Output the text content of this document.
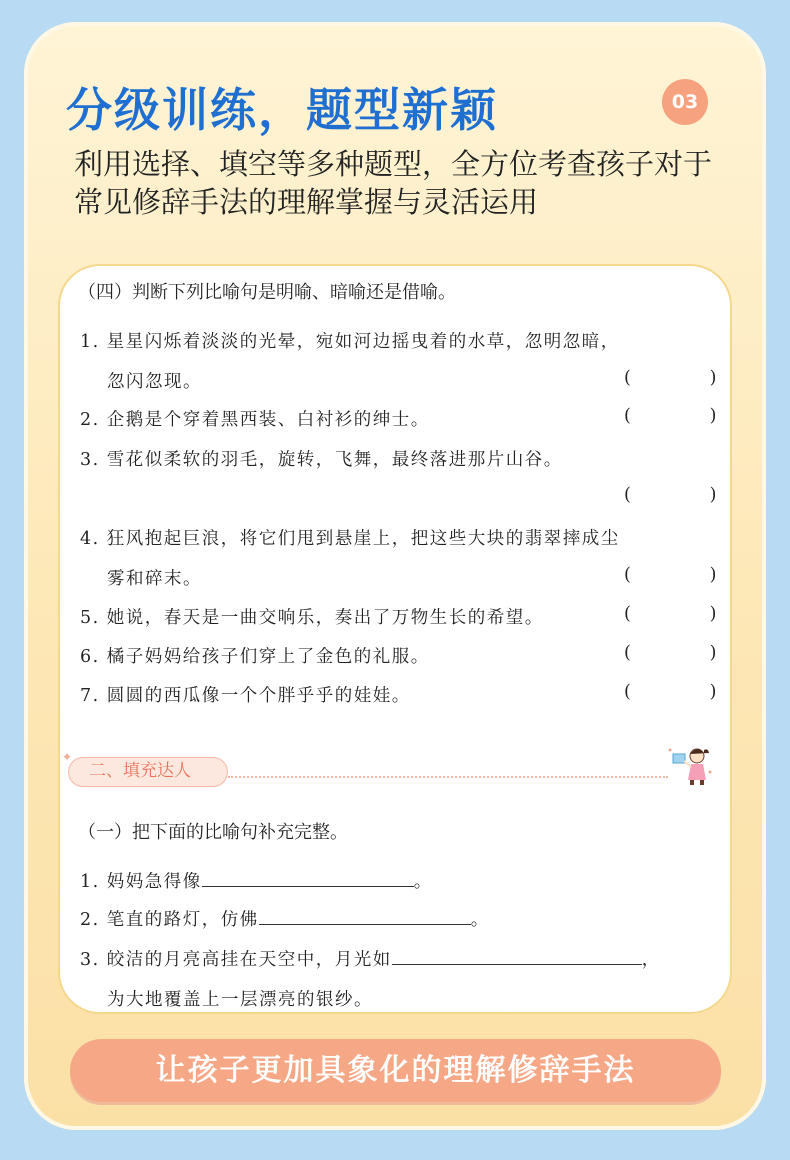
分级训练，题型新颖	03
利用选择、填空等多种题型，全方位考查孩子对于常见修辞手法的理解掌握与灵活运用
（四）判断下列比喻句是明喻、暗喻还是借喻。
1. 星星闪烁着淡淡的光晕，宛如河边摇曳着的水草，忽明忽暗，
忽闪忽现。	(	)
2. 企鹅是个穿着黑西装、白衬衫的绅士。	(	)
3. 雪花似柔软的羽毛，旋转，飞舞，最终落进那片山谷。
(	)
4. 狂风抱起巨浪，将它们甩到悬崖上，把这些大块的翡翠摔成尘
雾和碎末。	(	)
5. 她说，春天是一曲交响乐，奏出了万物生长的希望。	(	)
6. 橘子妈妈给孩子们穿上了金色的礼服。	(	)
7. 圆圆的西瓜像一个个胖乎乎的娃娃。	(	)
✦
二、填充达人
（一）把下面的比喻句补充完整。
1. 妈妈急得像	。
2. 笔直的路灯，仿佛	。
3. 皎洁的月亮高挂在天空中，月光如	，
为大地覆盖上一层漂亮的银纱。
让孩子更加具象化的理解修辞手法
